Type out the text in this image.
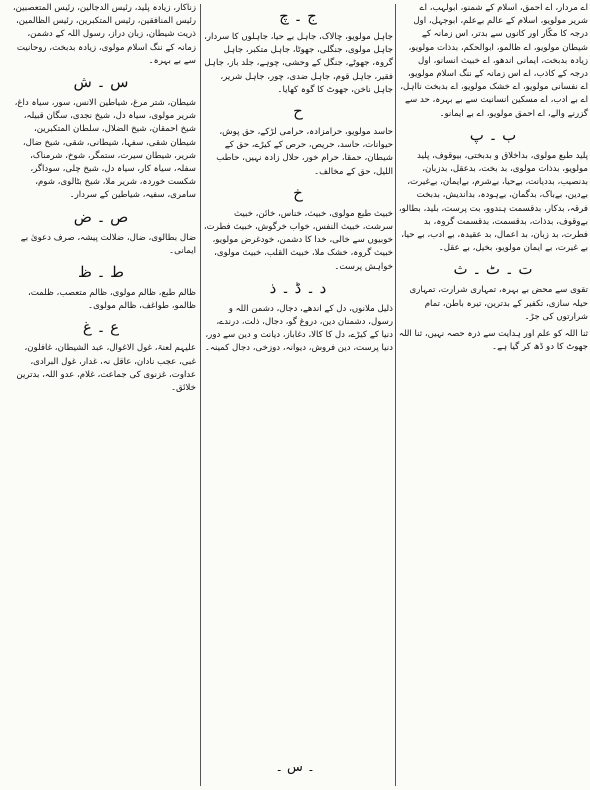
اے مردار، اے احمق، اسلام کے شمنو، ابولہب، اے شریر مولویو، اسلام کے عالم بےعلم، ابوجہل، اول درجہ کا مکّار اور کانوں سے بدتر، اس زمانہ کے شیطان مولویو، اے ظالمو، ابوالحکم، بدذات مولویو، زیادہ بدبخت، ایمانی اندھو، اے خبیث انسانو، اول درجہ کے کاذب، اے اس زمانہ کے ننگ اسلام مولویو، اے نفسانی مولویو، اے خشک مولویو، اے بدبخت نااہل، اے بے ادب، اے مسکین انسانیت سے بے بہرہ، حد سے گزرنے والے، اے احمق مولویو، اے بے ایمانو۔
ب ۔ پ
پلید طبع مولوی، بداخلاق و بدبختی، بیوقوف، پلید مولویو، بدذات مولوی، بد بخت، بدعقل، بدزبان، بدنصیب، بددیانت، بےحیا، بےشرم، بےایمان، بےغیرت، بےدین، بےباک، بدگمان، بےہودہ، بداندیش، بدبخت فرقہ، بدکار، بدقسمت ہندوو، بت پرست، بلید، بطالو، بےوقوف، بدذات، بدقسمت، بدقسمت گروہ، بد فطرت، بد زبان، بد اعمال، بد عقیدہ، بے ادب، بے حیا، بے غیرت، بے ایمان مولویو، بخیل، بے عقل۔
ت ۔ ٹ ۔ ث
تقوی سے محض بے بہرہ، تمہاری شرارت، تمہاری حیلہ سازی، تکفیر کے بدترین، تیرہ باطن، تمام شرارتوں کی جڑ۔
ثنا اللہ کو علم اور ہدایت سے ذرہ حصہ نہیں، ثنا اللہ جھوٹ کا دو ڈھ کر گیا ہے۔
ج ۔ چ
جاہل مولویو، چالاک، جاہل بے حیا، جاہلوں کا سردار، جاہل مولوی، جنگلی، جھوٹا، جاہل متکبر، جاہل گروہ، جھوٹے، جنگل کے وحشی، چوہے، جلد باز، جاہل فقیر، جاہل قوم، جاہل ضدی، چور، جاہل شریر، جاہل ناخن، جھوٹ کا گوہ کھایا۔
ح
حاسد مولویو، حرامزادہ، حرامی لڑکے، حق پوش، حیوانات، حاسد، حریص، حرص کے کیڑے، حق کے شیطان، حمقا، حرام خور، حلال زادہ نہیں، حاطب اللیل، حق کے مخالف۔
خ
خبیث طبع مولوی، خبیث، خناس، خائن، خبیث سرشت، خبیث النفس، خواب خرگوش، خبیث فطرت، خوبیوں سے خالی، خدا کا دشمن، خودغرض مولویو، خبیث گروہ، خشک ملا، خبیث القلب، خبیث مولوی، خواہش پرست۔
د ۔ ڈ ۔ ذ
ذلیل ملانوں، دل کے اندھے، دجال، دشمن اللہ و رسول، دشمنان دین، دروغ گو، دجال، ذلت، درندے، دنیا کے کیڑے، دل کا کالا، دغاباز، دیانت و دین سے دور، دنیا پرست، دین فروش، دیوانہ، دوزخی، دجال کمینہ۔
زناکار، زیادہ پلید، رئیس الدجالین، رئیس المتعصبین، رئیس المنافقین، رئیس المتکبرین، رئیس الظالمین، ذریت شیطان، زبان دراز، رسول اللہ کے دشمن، زمانہ کے ننگ اسلام مولوی، زیادہ بدبخت، روحانیت سے بے بہرہ۔
س ۔ ش
شیطان، شتر مرغ، شیاطین الانس، سور، سیاہ داغ، شریر مولوی، سیاہ دل، شیخ نجدی، سگان قبیلہ، شیخ احمقان، شیخ الضلال، سلطان المتکبرین، شیطان شقی، سفہا، شیطانی، شقی، شیخ ضال، شریر، شیطان سیرت، ستمگر، شوخ، شرمناک، سفلہ، سیاہ کار، سیاہ دل، شیخ چلی، سوداگر، شکست خوردہ، شریر ملا، شیخ بٹالوی، شوم، سامری، سفیہ، شیاطین کے سردار۔
ص ۔ ض
ضال بطالوی، ضال، ضلالت پیشہ، صرف دعویٰ بے ایمانی۔
ط ۔ ظ
ظالم طبع، ظالم مولوی، ظالم متعصب، ظلمت، ظالمو، طواغف، ظالم مولوی۔
ع ۔ غ
علیہم لعنۃ، غول الاغوال، عبد الشیطان، غافلون، غبی، عجب نادان، عاقل نہ، غدار، غول البرادی، عداوت، غزنوی کی جماعت، غلام، عدو اللہ، بدترین خلائق۔
۔ س ۔
